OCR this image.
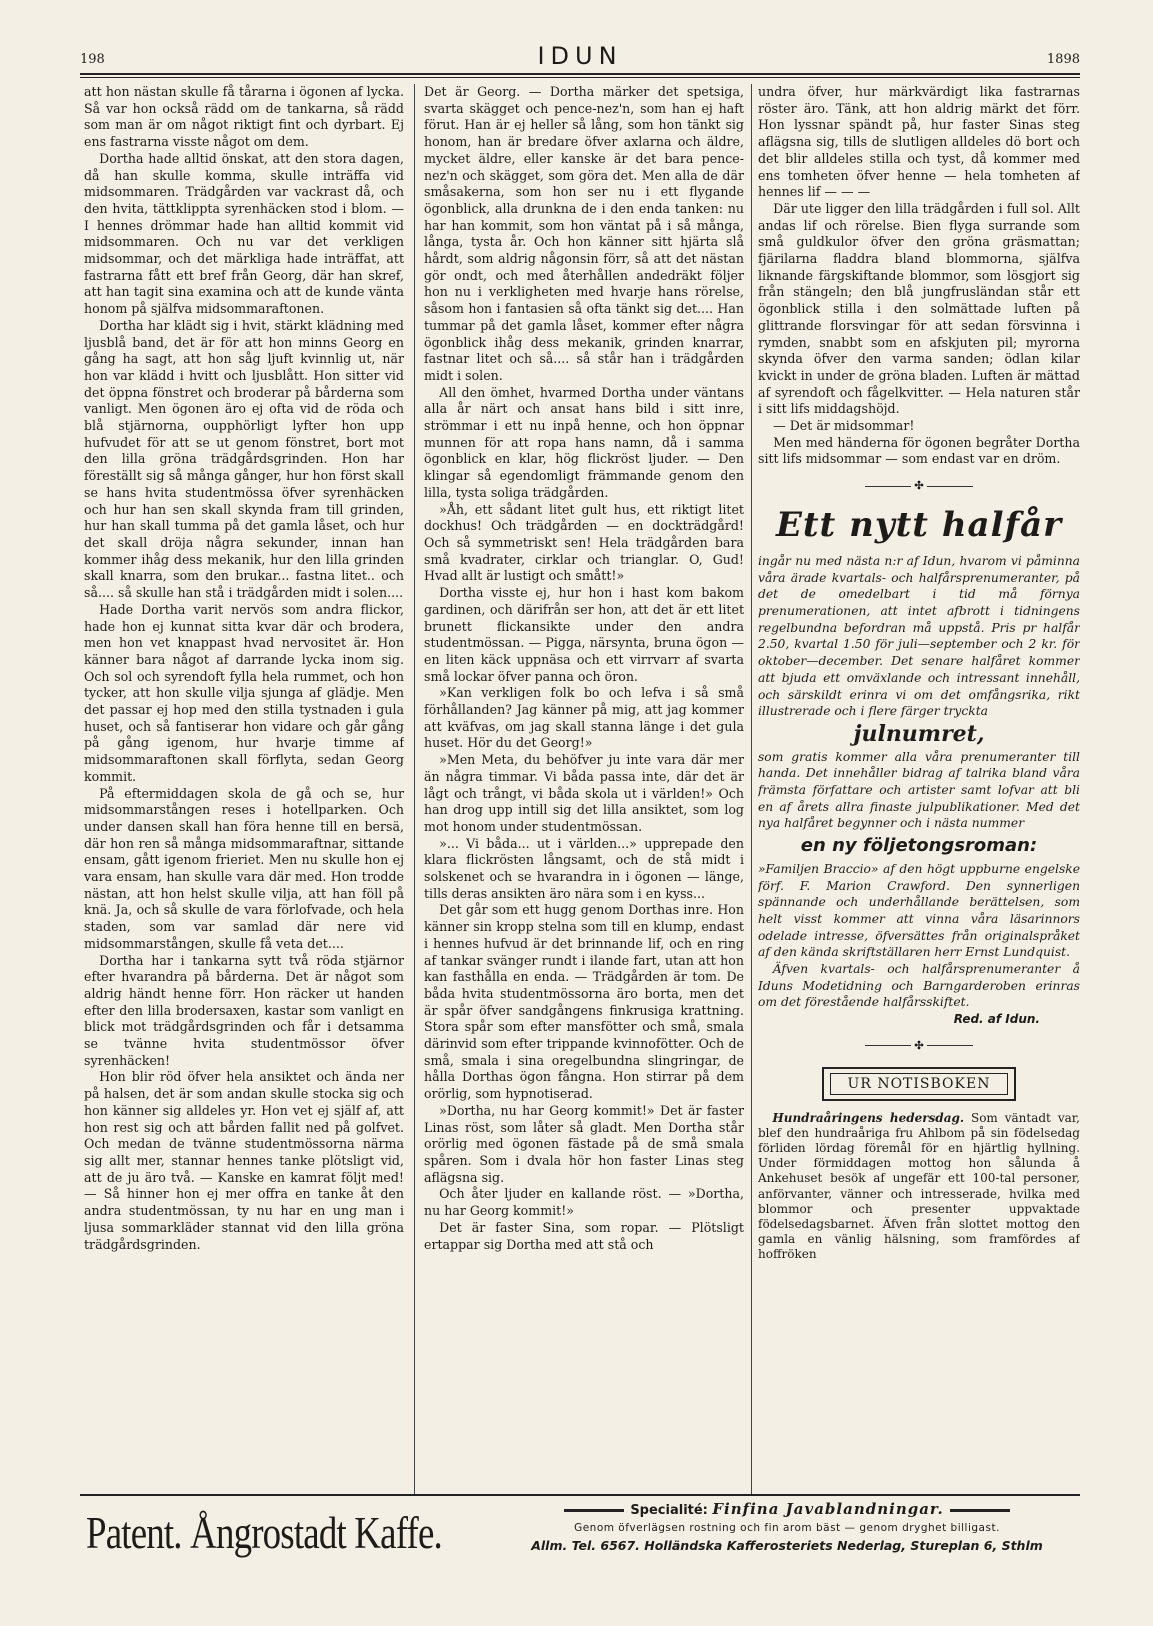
198	IDUN	1898

att hon nästan skulle få tårarna i ögonen af lycka. Så var hon också rädd om de tankarna, så rädd som man är om något riktigt fint och dyrbart. Ej ens fastrarna visste något om dem.

Dortha hade alltid önskat, att den stora dagen, då han skulle komma, skulle inträffa vid midsommaren. Trädgården var vackrast då, och den hvita, tättklippta syrenhäcken stod i blom. — I hennes drömmar hade han alltid kommit vid midsommaren. Och nu var det verkligen midsommar, och det märkliga hade inträffat, att fastrarna fått ett bref från Georg, där han skref, att han tagit sina examina och att de kunde vänta honom på själfva midsommaraftonen.

Dortha har klädt sig i hvit, stärkt klädning med ljusblå band, det är för att hon minns Georg en gång ha sagt, att hon såg ljuft kvinnlig ut, när hon var klädd i hvitt och ljusblått. Hon sitter vid det öppna fönstret och broderar på bårderna som vanligt. Men ögonen äro ej ofta vid de röda och blå stjärnorna, oupphörligt lyfter hon upp hufvudet för att se ut genom fönstret, bort mot den lilla gröna trädgårdsgrinden. Hon har föreställt sig så många gånger, hur hon först skall se hans hvita studentmössa öfver syrenhäcken och hur han sen skall skynda fram till grinden, hur han skall tumma på det gamla låset, och hur det skall dröja några sekunder, innan han kommer ihåg dess mekanik, hur den lilla grinden skall knarra, som den brukar... fastna litet.. och så.... så skulle han stå i trädgården midt i solen....

Hade Dortha varit nervös som andra flickor, hade hon ej kunnat sitta kvar där och brodera, men hon vet knappast hvad nervositet är. Hon känner bara något af darrande lycka inom sig. Och sol och syrendoft fylla hela rummet, och hon tycker, att hon skulle vilja sjunga af glädje. Men det passar ej hop med den stilla tystnaden i gula huset, och så fantiserar hon vidare och går gång på gång igenom, hur hvarje timme af midsommaraftonen skall förflyta, sedan Georg kommit.

På eftermiddagen skola de gå och se, hur midsommarstången reses i hotellparken. Och under dansen skall han föra henne till en bersä, där hon ren så många midsommaraftnar, sittande ensam, gått igenom frieriet. Men nu skulle hon ej vara ensam, han skulle vara där med. Hon trodde nästan, att hon helst skulle vilja, att han föll på knä. Ja, och så skulle de vara förlofvade, och hela staden, som var samlad där nere vid midsommarstången, skulle få veta det....

Dortha har i tankarna sytt två röda stjärnor efter hvarandra på bårderna. Det är något som aldrig händt henne förr. Hon räcker ut handen efter den lilla brodersaxen, kastar som vanligt en blick mot trädgårdsgrinden och får i detsamma se tvänne hvita studentmössor öfver syrenhäcken!

Hon blir röd öfver hela ansiktet och ända ner på halsen, det är som andan skulle stocka sig och hon känner sig alldeles yr. Hon vet ej själf af, att hon rest sig och att bården fallit ned på golfvet. Och medan de tvänne studentmössorna närma sig allt mer, stannar hennes tanke plötsligt vid, att de ju äro två. — Kanske en kamrat följt med! — Så hinner hon ej mer offra en tanke åt den andra studentmössan, ty nu har en ung man i ljusa sommarkläder stannat vid den lilla gröna trädgårdsgrinden.

Det är Georg. — Dortha märker det spetsiga, svarta skägget och pence-nez'n, som han ej haft förut. Han är ej heller så lång, som hon tänkt sig honom, han är bredare öfver axlarna och äldre, mycket äldre, eller kanske är det bara pence-nez'n och skägget, som göra det. Men alla de där småsakerna, som hon ser nu i ett flygande ögonblick, alla drunkna de i den enda tanken: nu har han kommit, som hon väntat på i så många, långa, tysta år. Och hon känner sitt hjärta slå hårdt, som aldrig någonsin förr, så att det nästan gör ondt, och med återhållen andedräkt följer hon nu i verkligheten med hvarje hans rörelse, såsom hon i fantasien så ofta tänkt sig det.... Han tummar på det gamla låset, kommer efter några ögonblick ihåg dess mekanik, grinden knarrar, fastnar litet och så.... så står han i trädgården midt i solen.

All den ömhet, hvarmed Dortha under väntans alla år närt och ansat hans bild i sitt inre, strömmar i ett nu inpå henne, och hon öppnar munnen för att ropa hans namn, då i samma ögonblick en klar, hög flickröst ljuder. — Den klingar så egendomligt främmande genom den lilla, tysta soliga trädgården.

»Åh, ett sådant litet gult hus, ett riktigt litet dockhus! Och trädgården — en dockträdgård! Och så symmetriskt sen! Hela trädgården bara små kvadrater, cirklar och trianglar. O, Gud! Hvad allt är lustigt och smått!»

Dortha visste ej, hur hon i hast kom bakom gardinen, och därifrån ser hon, att det är ett litet brunett flickansikte under den andra studentmössan. — Pigga, närsynta, bruna ögon — en liten käck uppnäsa och ett virrvarr af svarta små lockar öfver panna och öron.

»Kan verkligen folk bo och lefva i så små förhållanden? Jag känner på mig, att jag kommer att kväfvas, om jag skall stanna länge i det gula huset. Hör du det Georg!»

»Men Meta, du behöfver ju inte vara där mer än några timmar. Vi båda passa inte, där det är lågt och trångt, vi båda skola ut i världen!» Och han drog upp intill sig det lilla ansiktet, som log mot honom under studentmössan.

»... Vi båda... ut i världen...» upprepade den klara flickrösten långsamt, och de stå midt i solskenet och se hvarandra in i ögonen — länge, tills deras ansikten äro nära som i en kyss...

Det går som ett hugg genom Dorthas inre. Hon känner sin kropp stelna som till en klump, endast i hennes hufvud är det brinnande lif, och en ring af tankar svänger rundt i ilande fart, utan att hon kan fasthålla en enda. — Trädgården är tom. De båda hvita studentmössorna äro borta, men det är spår öfver sandgångens finkrusiga krattning. Stora spår som efter mansfötter och små, smala därinvid som efter trippande kvinnofötter. Och de små, smala i sina oregelbundna slingringar, de hålla Dorthas ögon fångna. Hon stirrar på dem orörlig, som hypnotiserad.

»Dortha, nu har Georg kommit!» Det är faster Linas röst, som låter så gladt. Men Dortha står orörlig med ögonen fästade på de små smala spåren. Som i dvala hör hon faster Linas steg aflägsna sig.

Och åter ljuder en kallande röst. — »Dortha, nu har Georg kommit!»

Det är faster Sina, som ropar. — Plötsligt ertappar sig Dortha med att stå och

undra öfver, hur märkvärdigt lika fastrarnas röster äro. Tänk, att hon aldrig märkt det förr. Hon lyssnar spändt på, hur faster Sinas steg aflägsna sig, tills de slutligen alldeles dö bort och det blir alldeles stilla och tyst, då kommer med ens tomheten öfver henne — hela tomheten af hennes lif — — —

Där ute ligger den lilla trädgården i full sol. Allt andas lif och rörelse. Bien flyga surrande som små guldkulor öfver den gröna gräsmattan; fjärilarna fladdra bland blommorna, själfva liknande färgskiftande blommor, som lösgjort sig från stängeln; den blå jungfrusländan står ett ögonblick stilla i den solmättade luften på glittrande florsvingar för att sedan försvinna i rymden, snabbt som en afskjuten pil; myrorna skynda öfver den varma sanden; ödlan kilar kvickt in under de gröna bladen. Luften är mättad af syrendoft och fågelkvitter. — Hela naturen står i sitt lifs middagshöjd.

— Det är midsommar!

Men med händerna för ögonen begråter Dortha sitt lifs midsommar — som endast var en dröm.

✣
Ett nytt halfår

ingår nu med nästa n:r af Idun, hvarom vi påminna våra ärade kvartals- och halfårsprenumeranter, på det de omedelbart i tid må förnya prenumerationen, att intet afbrott i tidningens regelbundna befordran må uppstå. Pris pr halfår 2.50, kvartal 1.50 för juli—september och 2 kr. för oktober—december. Det senare halfåret kommer att bjuda ett omväxlande och intressant innehåll, och särskildt erinra vi om det omfångsrika, rikt illustrerade och i flere färger tryckta

julnumret,

som gratis kommer alla våra prenumeranter till handa. Det innehåller bidrag af talrika bland våra främsta författare och artister samt lofvar att bli en af årets allra finaste julpublikationer. Med det nya halfåret begynner och i nästa nummer

en ny följetongsroman:

»Familjen Braccio» af den högt uppburne engelske förf. F. Marion Crawford. Den synnerligen spännande och underhållande berättelsen, som helt visst kommer att vinna våra läsarinnors odelade intresse, öfversättes från originalspråket af den kända skriftställaren herr Ernst Lundquist.

Äfven kvartals- och halfårsprenumeranter å Iduns Modetidning och Barngarderoben erinras om det förestående halfårsskiftet.

Red. af Idun.
✣
UR NOTISBOKEN

Hundraåringens hedersdag. Som väntadt var, blef den hundraåriga fru Ahlbom på sin födelsedag förliden lördag föremål för en hjärtlig hyllning. Under förmiddagen mottog hon sålunda å Ankehuset besök af ungefär ett 100-tal personer, anförvanter, vänner och intresserade, hvilka med blommor och presenter uppvaktade födelsedagsbarnet. Äfven från slottet mottog den gamla en vänlig hälsning, som framfördes af hoffröken

Patent. Ångrostadt Kaffe.	Specialité: Finfina Javablandningar.
Genom öfverlägsen rostning och fin arom bäst — genom dryghet billigast.
Allm. Tel. 6567. Holländska Kafferosteriets Nederlag, Stureplan 6, Sthlm
